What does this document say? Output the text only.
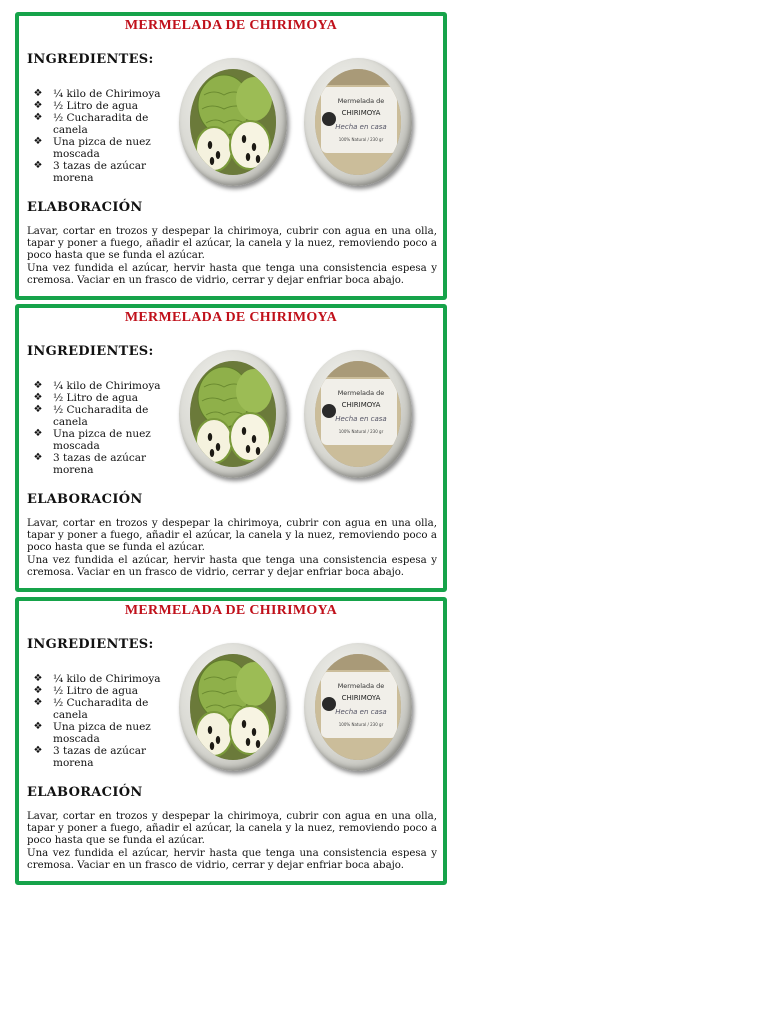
MERMELADA DE CHIRIMOYA
INGREDIENTES:
❖ ¼ kilo de Chirimoya
❖ ½ Litro de agua
❖ ½ Cucharadita de canela
❖ Una pizca de nuez moscada
❖ 3 tazas de azúcar morena
Mermelada de
CHIRIMOYA
Hecha en casa
100% Natural / 230 gr
ELABORACIÓN

Lavar, cortar en trozos y despepar la chirimoya, cubrir con agua en una olla, tapar y poner a fuego, añadir el azúcar, la canela y la nuez, removiendo poco a poco hasta que se funda el azúcar.

Una vez fundida el azúcar, hervir hasta que tenga una consistencia espesa y cremosa. Vaciar en un frasco de vidrio, cerrar y dejar enfriar boca abajo.

MERMELADA DE CHIRIMOYA
INGREDIENTES:
❖ ¼ kilo de Chirimoya
❖ ½ Litro de agua
❖ ½ Cucharadita de canela
❖ Una pizca de nuez moscada
❖ 3 tazas de azúcar morena
Mermelada de
CHIRIMOYA
Hecha en casa
100% Natural / 230 gr
ELABORACIÓN

Lavar, cortar en trozos y despepar la chirimoya, cubrir con agua en una olla, tapar y poner a fuego, añadir el azúcar, la canela y la nuez, removiendo poco a poco hasta que se funda el azúcar.

Una vez fundida el azúcar, hervir hasta que tenga una consistencia espesa y cremosa. Vaciar en un frasco de vidrio, cerrar y dejar enfriar boca abajo.

MERMELADA DE CHIRIMOYA
INGREDIENTES:
❖ ¼ kilo de Chirimoya
❖ ½ Litro de agua
❖ ½ Cucharadita de canela
❖ Una pizca de nuez moscada
❖ 3 tazas de azúcar morena
Mermelada de
CHIRIMOYA
Hecha en casa
100% Natural / 230 gr
ELABORACIÓN

Lavar, cortar en trozos y despepar la chirimoya, cubrir con agua en una olla, tapar y poner a fuego, añadir el azúcar, la canela y la nuez, removiendo poco a poco hasta que se funda el azúcar.

Una vez fundida el azúcar, hervir hasta que tenga una consistencia espesa y cremosa. Vaciar en un frasco de vidrio, cerrar y dejar enfriar boca abajo.
